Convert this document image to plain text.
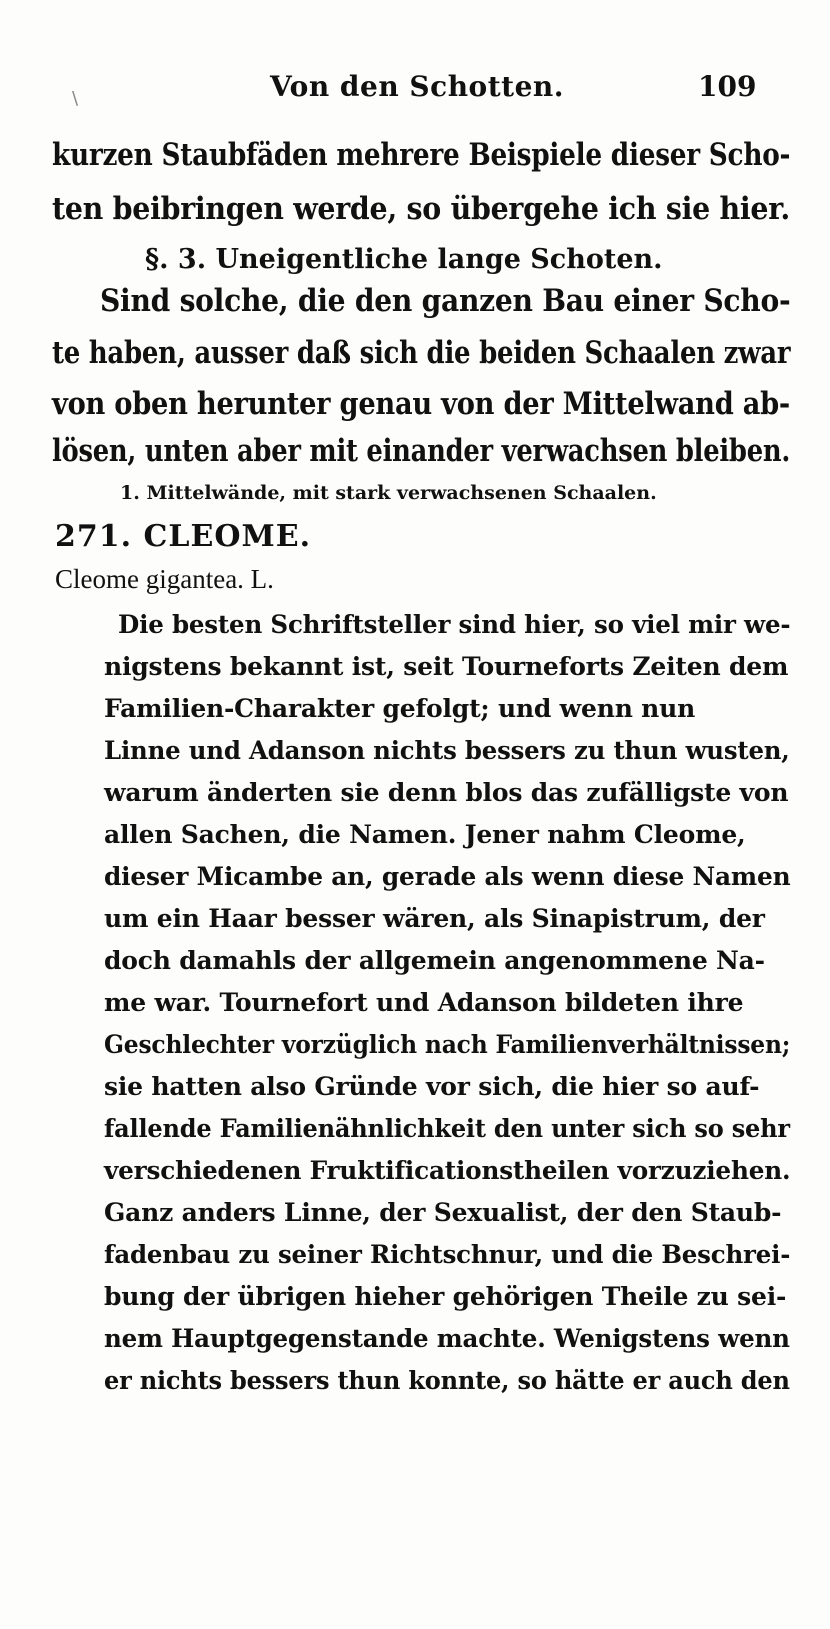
\	Von den Schotten.	109
kurzen Staubfäden mehrere Beispiele dieser Scho-
ten beibringen werde, so übergehe ich sie hier.
§. 3. Uneigentliche lange Schoten.
Sind solche, die den ganzen Bau einer Scho-
te haben, ausser daß sich die beiden Schaalen zwar
von oben herunter genau von der Mittelwand ab-
lösen, unten aber mit einander verwachsen bleiben.
1. Mittelwände, mit stark verwachsenen Schaalen.
271. CLEOME.
Cleome gigantea. L.
Die besten Schriftsteller sind hier, so viel mir we-
nigstens bekannt ist, seit Tourneforts Zeiten dem
Familien-Charakter gefolgt; und wenn nun
Linne und Adanson nichts bessers zu thun wusten,
warum änderten sie denn blos das zufälligste von
allen Sachen, die Namen. Jener nahm Cleome,
dieser Micambe an, gerade als wenn diese Namen
um ein Haar besser wären, als Sinapistrum, der
doch damahls der allgemein angenommene Na-
me war. Tournefort und Adanson bildeten ihre
Geschlechter vorzüglich nach Familienverhältnissen;
sie hatten also Gründe vor sich, die hier so auf-
fallende Familienähnlichkeit den unter sich so sehr
verschiedenen Fruktificationstheilen vorzuziehen.
Ganz anders Linne, der Sexualist, der den Staub-
fadenbau zu seiner Richtschnur, und die Beschrei-
bung der übrigen hieher gehörigen Theile zu sei-
nem Hauptgegenstande machte. Wenigstens wenn
er nichts bessers thun konnte, so hätte er auch den
